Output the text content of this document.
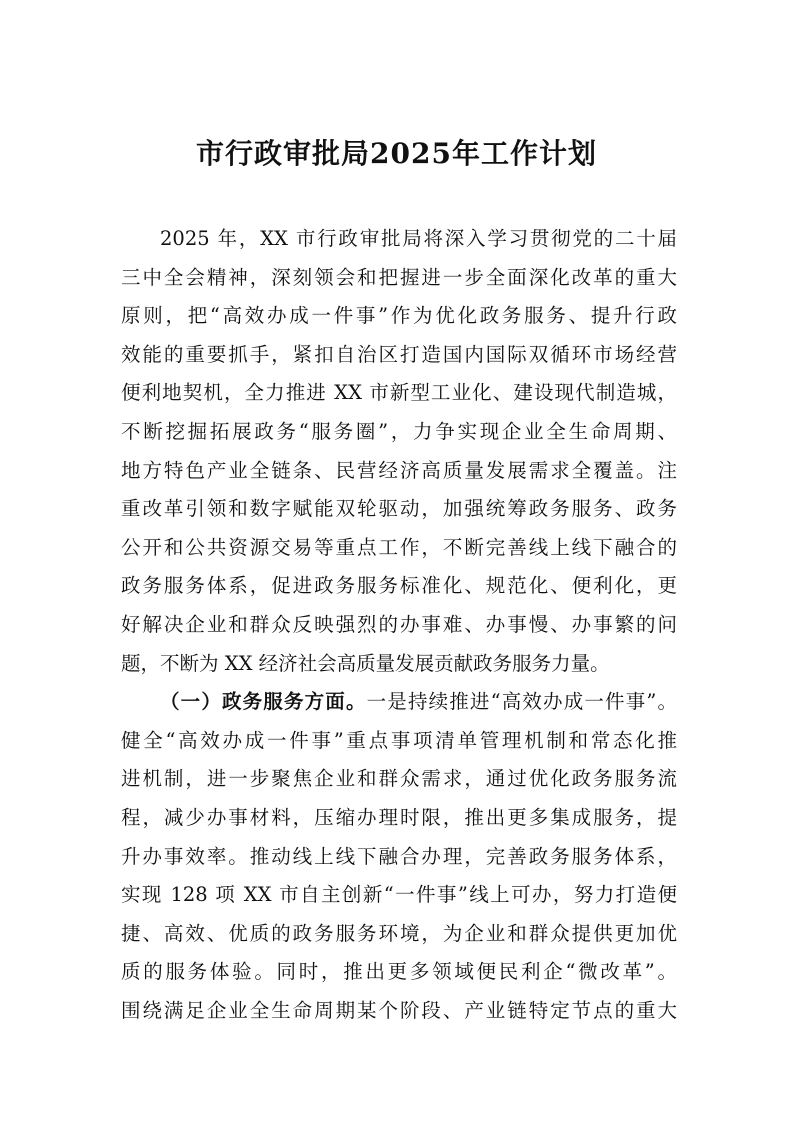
市行政审批局2025年工作计划
2025 年，XX 市行政审批局将深入学习贯彻党的二十届
三中全会精神，深刻领会和把握进一步全面深化改革的重大
原则，把“高效办成一件事”作为优化政务服务、提升行政
效能的重要抓手，紧扣自治区打造国内国际双循环市场经营
便利地契机，全力推进 XX 市新型工业化、建设现代制造城，
不断挖掘拓展政务“服务圈”，力争实现企业全生命周期、
地方特色产业全链条、民营经济高质量发展需求全覆盖。注
重改革引领和数字赋能双轮驱动，加强统筹政务服务、政务
公开和公共资源交易等重点工作，不断完善线上线下融合的
政务服务体系，促进政务服务标准化、规范化、便利化，更
好解决企业和群众反映强烈的办事难、办事慢、办事繁的问
题，不断为 XX 经济社会高质量发展贡献政务服务力量。
（一）政务服务方面。一是持续推进“高效办成一件事”。
健全“高效办成一件事”重点事项清单管理机制和常态化推
进机制，进一步聚焦企业和群众需求，通过优化政务服务流
程，减少办事材料，压缩办理时限，推出更多集成服务，提
升办事效率。推动线上线下融合办理，完善政务服务体系，
实现 128 项 XX 市自主创新“一件事”线上可办，努力打造便
捷、高效、优质的政务服务环境，为企业和群众提供更加优
质的服务体验。同时，推出更多领域便民利企“微改革”。
围绕满足企业全生命周期某个阶段、产业链特定节点的重大
